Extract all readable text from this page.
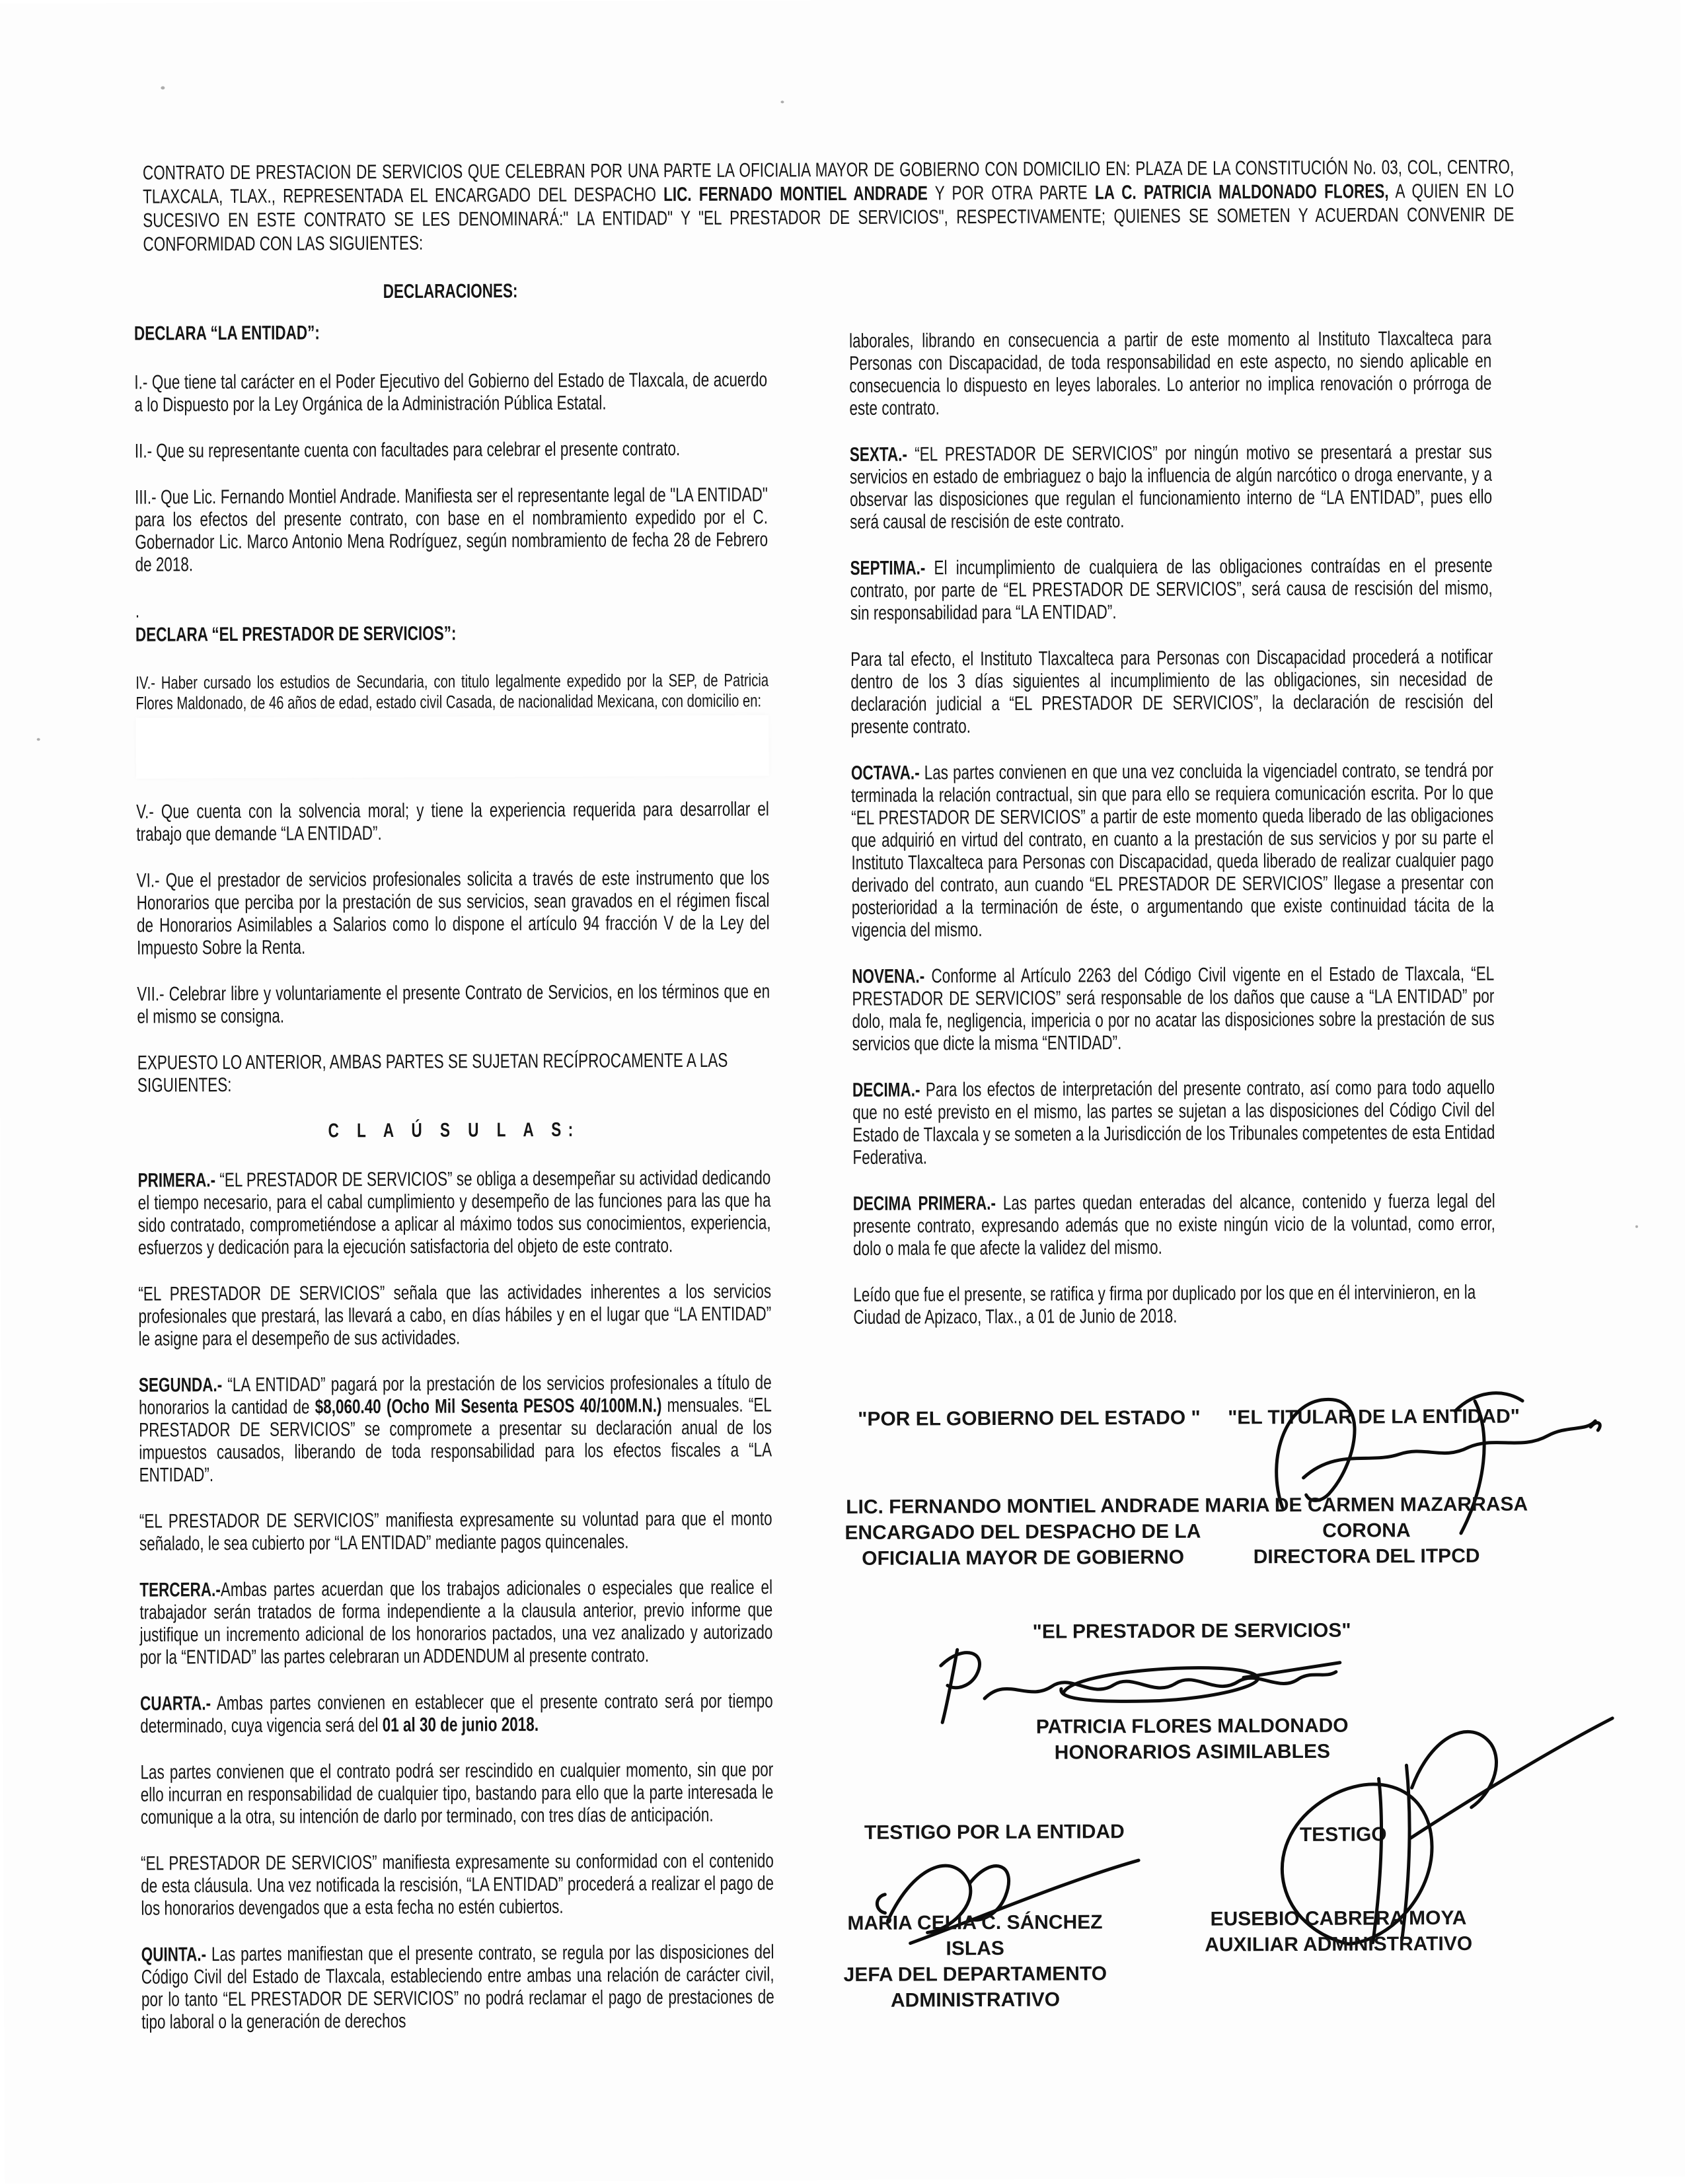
CONTRATO DE PRESTACION DE SERVICIOS QUE CELEBRAN POR UNA PARTE LA OFICIALIA MAYOR DE GOBIERNO CON DOMICILIO EN: PLAZA DE LA CONSTITUCIÓN No. 03, COL, CENTRO, TLAXCALA, TLAX., REPRESENTADA EL ENCARGADO DEL DESPACHO LIC. FERNADO MONTIEL ANDRADE Y POR OTRA PARTE LA C. PATRICIA MALDONADO FLORES, A QUIEN EN LO SUCESIVO EN ESTE CONTRATO SE LES DENOMINARÁ:" LA ENTIDAD" Y "EL PRESTADOR DE SERVICIOS", RESPECTIVAMENTE; QUIENES SE SOMETEN Y ACUERDAN CONVENIR DE CONFORMIDAD CON LAS SIGUIENTES:

DECLARACIONES:
DECLARA “LA ENTIDAD”:

I.- Que tiene tal carácter en el Poder Ejecutivo del Gobierno del Estado de Tlaxcala, de acuerdo a lo Dispuesto por la Ley Orgánica de la Administración Pública Estatal.

II.- Que su representante cuenta con facultades para celebrar el presente contrato.

III.- Que Lic. Fernando Montiel Andrade. Manifiesta ser el representante legal de "LA ENTIDAD" para los efectos del presente contrato, con base en el nombramiento expedido por el C. Gobernador Lic. Marco Antonio Mena Rodríguez, según nombramiento de fecha 28 de Febrero de 2018.

.

DECLARA “EL PRESTADOR DE SERVICIOS”:

IV.- Haber cursado los estudios de Secundaria, con titulo legalmente expedido por la SEP, de Patricia Flores Maldonado, de 46 años de edad, estado civil Casada, de nacionalidad Mexicana, con domicilio en:

V.- Que cuenta con la solvencia moral; y tiene la experiencia requerida para desarrollar el trabajo que demande “LA ENTIDAD”.

VI.- Que el prestador de servicios profesionales solicita a través de este instrumento que los Honorarios que perciba por la prestación de sus servicios, sean gravados en el régimen fiscal de Honorarios Asimilables a Salarios como lo dispone el artículo 94 fracción V de la Ley del Impuesto Sobre la Renta.

VII.- Celebrar libre y voluntariamente el presente Contrato de Servicios, en los términos que en el mismo se consigna.

EXPUESTO LO ANTERIOR, AMBAS PARTES SE SUJETAN RECÍPROCAMENTE A LAS SIGUIENTES:

C L A Ú S U L A S:

PRIMERA.- “EL PRESTADOR DE SERVICIOS” se obliga a desempeñar su actividad dedicando el tiempo necesario, para el cabal cumplimiento y desempeño de las funciones para las que ha sido contratado, comprometiéndose a aplicar al máximo todos sus conocimientos, experiencia, esfuerzos y dedicación para la ejecución satisfactoria del objeto de este contrato.

“EL PRESTADOR DE SERVICIOS” señala que las actividades inherentes a los servicios profesionales que prestará, las llevará a cabo, en días hábiles y en el lugar que “LA ENTIDAD” le asigne para el desempeño de sus actividades.

SEGUNDA.- “LA ENTIDAD” pagará por la prestación de los servicios profesionales a título de honorarios la cantidad de $8,060.40 (Ocho Mil Sesenta PESOS 40/100M.N.) mensuales. “EL PRESTADOR DE SERVICIOS” se compromete a presentar su declaración anual de los impuestos causados, liberando de toda responsabilidad para los efectos fiscales a “LA ENTIDAD”.

“EL PRESTADOR DE SERVICIOS” manifiesta expresamente su voluntad para que el monto señalado, le sea cubierto por “LA ENTIDAD” mediante pagos quincenales.

TERCERA.-Ambas partes acuerdan que los trabajos adicionales o especiales que realice el trabajador serán tratados de forma independiente a la clausula anterior, previo informe que justifique un incremento adicional de los honorarios pactados, una vez analizado y autorizado por la “ENTIDAD” las partes celebraran un ADDENDUM al presente contrato.

CUARTA.- Ambas partes convienen en establecer que el presente contrato será por tiempo determinado, cuya vigencia será del 01 al 30 de junio 2018.

Las partes convienen que el contrato podrá ser rescindido en cualquier momento, sin que por ello incurran en responsabilidad de cualquier tipo, bastando para ello que la parte interesada le comunique a la otra, su intención de darlo por terminado, con tres días de anticipación.

“EL PRESTADOR DE SERVICIOS” manifiesta expresamente su conformidad con el contenido de esta cláusula. Una vez notificada la rescisión, “LA ENTIDAD” procederá a realizar el pago de los honorarios devengados que a esta fecha no estén cubiertos.

QUINTA.- Las partes manifiestan que el presente contrato, se regula por las disposiciones del Código Civil del Estado de Tlaxcala, estableciendo entre ambas una relación de carácter civil, por lo tanto “EL PRESTADOR DE SERVICIOS” no podrá reclamar el pago de prestaciones de tipo laboral o la generación de derechos

laborales, librando en consecuencia a partir de este momento al Instituto Tlaxcalteca para Personas con Discapacidad, de toda responsabilidad en este aspecto, no siendo aplicable en consecuencia lo dispuesto en leyes laborales. Lo anterior no implica renovación o prórroga de este contrato.

SEXTA.- “EL PRESTADOR DE SERVICIOS” por ningún motivo se presentará a prestar sus servicios en estado de embriaguez o bajo la influencia de algún narcótico o droga enervante, y a observar las disposiciones que regulan el funcionamiento interno de “LA ENTIDAD”, pues ello será causal de rescisión de este contrato.

SEPTIMA.- El incumplimiento de cualquiera de las obligaciones contraídas en el presente contrato, por parte de “EL PRESTADOR DE SERVICIOS”, será causa de rescisión del mismo, sin responsabilidad para “LA ENTIDAD”.

Para tal efecto, el Instituto Tlaxcalteca para Personas con Discapacidad procederá a notificar dentro de los 3 días siguientes al incumplimiento de las obligaciones, sin necesidad de declaración judicial a “EL PRESTADOR DE SERVICIOS”, la declaración de rescisión del presente contrato.

OCTAVA.- Las partes convienen en que una vez concluida la vigenciadel contrato, se tendrá por terminada la relación contractual, sin que para ello se requiera comunicación escrita. Por lo que “EL PRESTADOR DE SERVICIOS” a partir de este momento queda liberado de las obligaciones que adquirió en virtud del contrato, en cuanto a la prestación de sus servicios y por su parte el Instituto Tlaxcalteca para Personas con Discapacidad, queda liberado de realizar cualquier pago derivado del contrato, aun cuando “EL PRESTADOR DE SERVICIOS” llegase a presentar con posterioridad a la terminación de éste, o argumentando que existe continuidad tácita de la vigencia del mismo.

NOVENA.- Conforme al Artículo 2263 del Código Civil vigente en el Estado de Tlaxcala, “EL PRESTADOR DE SERVICIOS” será responsable de los daños que cause a “LA ENTIDAD” por dolo, mala fe, negligencia, impericia o por no acatar las disposiciones sobre la prestación de sus servicios que dicte la misma “ENTIDAD”.

DECIMA.- Para los efectos de interpretación del presente contrato, así como para todo aquello que no esté previsto en el mismo, las partes se sujetan a las disposiciones del Código Civil del Estado de Tlaxcala y se someten a la Jurisdicción de los Tribunales competentes de esta Entidad Federativa.

DECIMA PRIMERA.- Las partes quedan enteradas del alcance, contenido y fuerza legal del presente contrato, expresando además que no existe ningún vicio de la voluntad, como error, dolo o mala fe que afecte la validez del mismo.

Leído que fue el presente, se ratifica y firma por duplicado por los que en él intervinieron, en la Ciudad de Apizaco, Tlax., a 01 de Junio de 2018.

"POR EL GOBIERNO DEL ESTADO " "EL TITULAR DE LA ENTIDAD"
LIC. FERNANDO MONTIEL ANDRADE
ENCARGADO DEL DESPACHO DE LA
OFICIALIA MAYOR DE GOBIERNO
MARIA DE CARMEN MAZARRASA
CORONA
DIRECTORA DEL ITPCD
"EL PRESTADOR DE SERVICIOS"
PATRICIA FLORES MALDONADO
HONORARIOS ASIMILABLES
TESTIGO POR LA ENTIDAD	TESTIGO
MARIA CELIA C. SÁNCHEZ ISLAS
JEFA DEL DEPARTAMENTO
ADMINISTRATIVO
EUSEBIO CABRERA MOYA
AUXILIAR ADMINISTRATIVO
